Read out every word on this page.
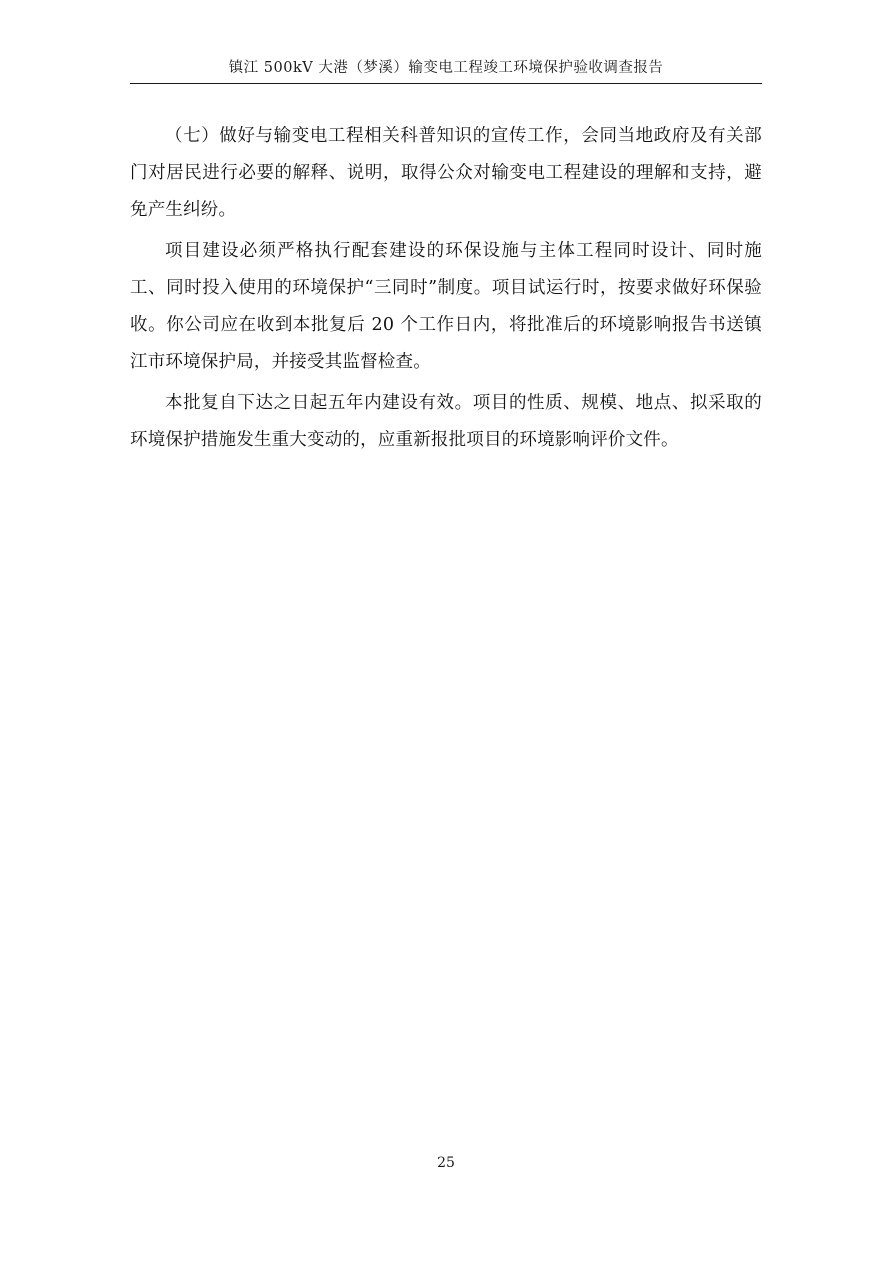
镇江 500kV 大港（梦溪）输变电工程竣工环境保护验收调查报告

（七）做好与输变电工程相关科普知识的宣传工作，会同当地政府及有关部门对居民进行必要的解释、说明，取得公众对输变电工程建设的理解和支持，避免产生纠纷。

项目建设必须严格执行配套建设的环保设施与主体工程同时设计、同时施工、同时投入使用的环境保护“三同时”制度。项目试运行时，按要求做好环保验收。你公司应在收到本批复后 20 个工作日内，将批准后的环境影响报告书送镇江市环境保护局，并接受其监督检查。

本批复自下达之日起五年内建设有效。项目的性质、规模、地点、拟采取的环境保护措施发生重大变动的，应重新报批项目的环境影响评价文件。

25
